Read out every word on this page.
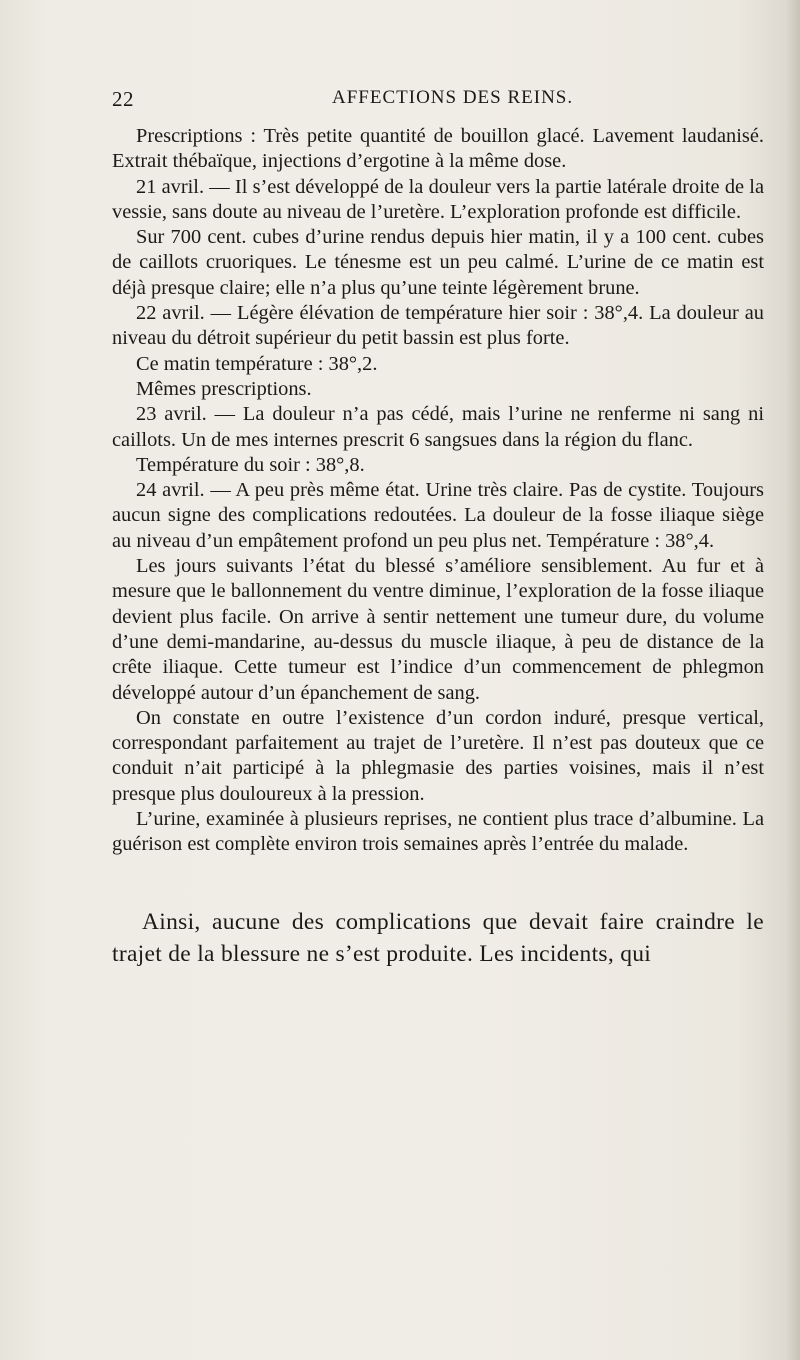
22	AFFECTIONS DES REINS.

Prescriptions : Très petite quantité de bouillon glacé. Lavement laudanisé. Extrait thébaïque, injections d’ergotine à la même dose.

21 avril. — Il s’est développé de la douleur vers la partie latérale droite de la vessie, sans doute au niveau de l’uretère. L’exploration profonde est difficile.

Sur 700 cent. cubes d’urine rendus depuis hier matin, il y a 100 cent. cubes de caillots cruoriques. Le ténesme est un peu calmé. L’urine de ce matin est déjà presque claire; elle n’a plus qu’une teinte légèrement brune.

22 avril. — Légère élévation de température hier soir : 38°,4. La douleur au niveau du détroit supérieur du petit bassin est plus forte.

Ce matin température : 38°,2.

Mêmes prescriptions.

23 avril. — La douleur n’a pas cédé, mais l’urine ne renferme ni sang ni caillots. Un de mes internes prescrit 6 sangsues dans la région du flanc.

Température du soir : 38°,8.

24 avril. — A peu près même état. Urine très claire. Pas de cystite. Toujours aucun signe des complications redoutées. La douleur de la fosse iliaque siège au niveau d’un empâtement profond un peu plus net. Température : 38°,4.

Les jours suivants l’état du blessé s’améliore sensiblement. Au fur et à mesure que le ballonnement du ventre diminue, l’exploration de la fosse iliaque devient plus facile. On arrive à sentir nettement une tumeur dure, du volume d’une demi-mandarine, au-dessus du muscle iliaque, à peu de distance de la crête iliaque. Cette tumeur est l’indice d’un commencement de phlegmon développé autour d’un épanchement de sang.

On constate en outre l’existence d’un cordon induré, presque vertical, correspondant parfaitement au trajet de l’uretère. Il n’est pas douteux que ce conduit n’ait participé à la phlegmasie des parties voisines, mais il n’est presque plus douloureux à la pression.

L’urine, examinée à plusieurs reprises, ne contient plus trace d’albumine. La guérison est complète environ trois semaines après l’entrée du malade.

Ainsi, aucune des complications que devait faire craindre le trajet de la blessure ne s’est produite. Les incidents, qui
